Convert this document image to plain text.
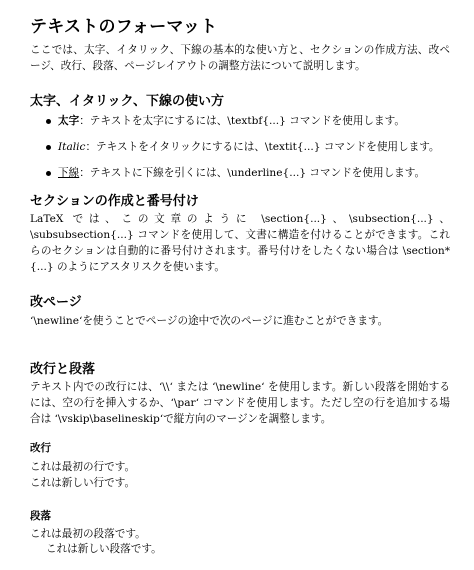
テキストのフォーマット
ここでは、太字、イタリック、下線の基本的な使い方と、セクションの作成方法、改ページ、改行、段落、ページレイアウトの調整方法について説明します。
太字、イタリック、下線の使い方
太字：テキストを太字にするには、\textbf{...} コマンドを使用します。
Italic：テキストをイタリックにするには、\textit{...} コマンドを使用します。
下線：テキストに下線を引くには、\underline{...} コマンドを使用します。
セクションの作成と番号付け
LaTeX では、この文章のように \section{...}、\subsection{...}、\subsubsection{...} コマンドを使用して、文書に構造を付けることができます。これらのセクションは自動的に番号付けされます。番号付けをしたくない場合は \section*{...} のようにアスタリスクを使います。
改ページ
‘\newline‘を使うことでページの途中で次のページに進むことができます。
改行と段落
テキスト内での改行には、‘\\‘ または ‘\newline‘ を使用します。新しい段落を開始するには、空の行を挿入するか、‘\par‘ コマンドを使用します。ただし空の行を追加する場合は ‘\vskip\baselineskip‘で縦方向のマージンを調整します。
改行
これは最初の行です。
これは新しい行です。
段落
これは最初の段落です。
これは新しい段落です。
